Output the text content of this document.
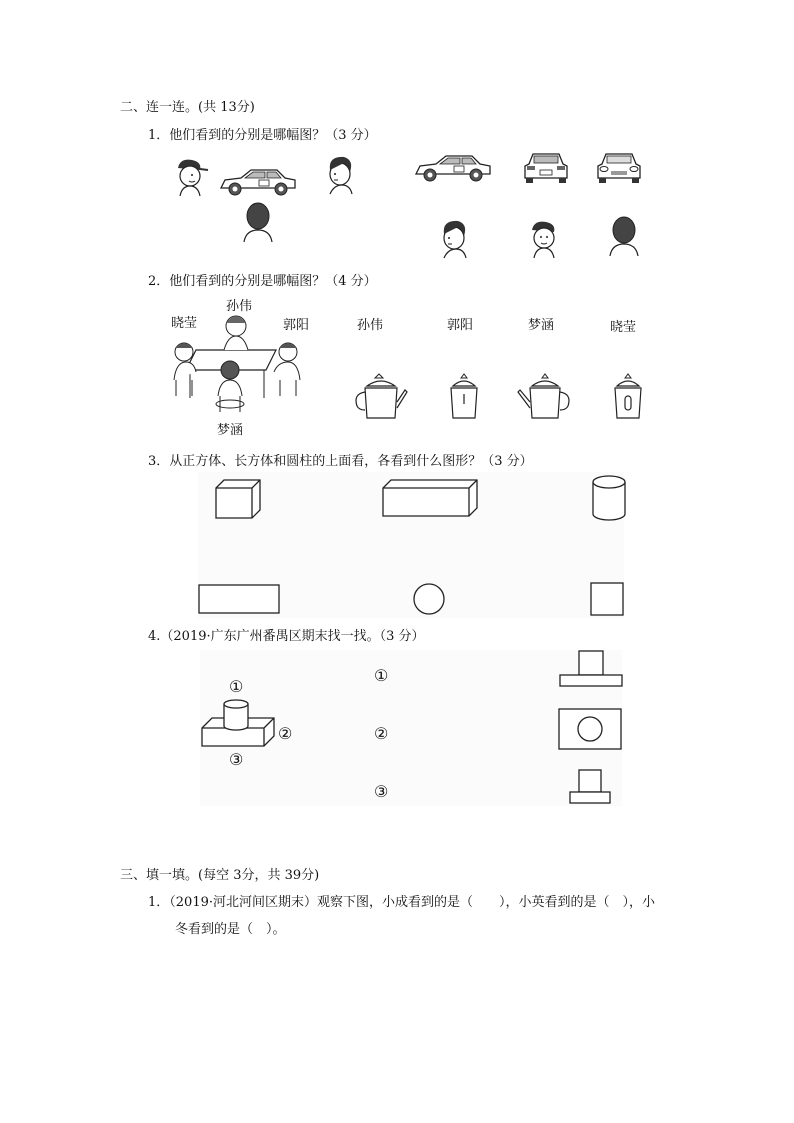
二、连一连。(共 13分)
1．他们看到的分别是哪幅图？（3 分）
2．他们看到的分别是哪幅图？（4 分）
晓莹
孙伟
郭阳
梦涵
孙伟	郭阳	梦涵	晓莹
3．从正方体、长方体和圆柱的上面看，各看到什么图形？（3 分）
4.（2019·广东广州番禺区期末找一找。（3 分）
①
②
③
①
②
③
三、填一填。(每空 3分，共 39分)
1．（2019·河北河间区期末）观察下图，小成看到的是（　　），小英看到的是（　），小
冬看到的是（　）。
